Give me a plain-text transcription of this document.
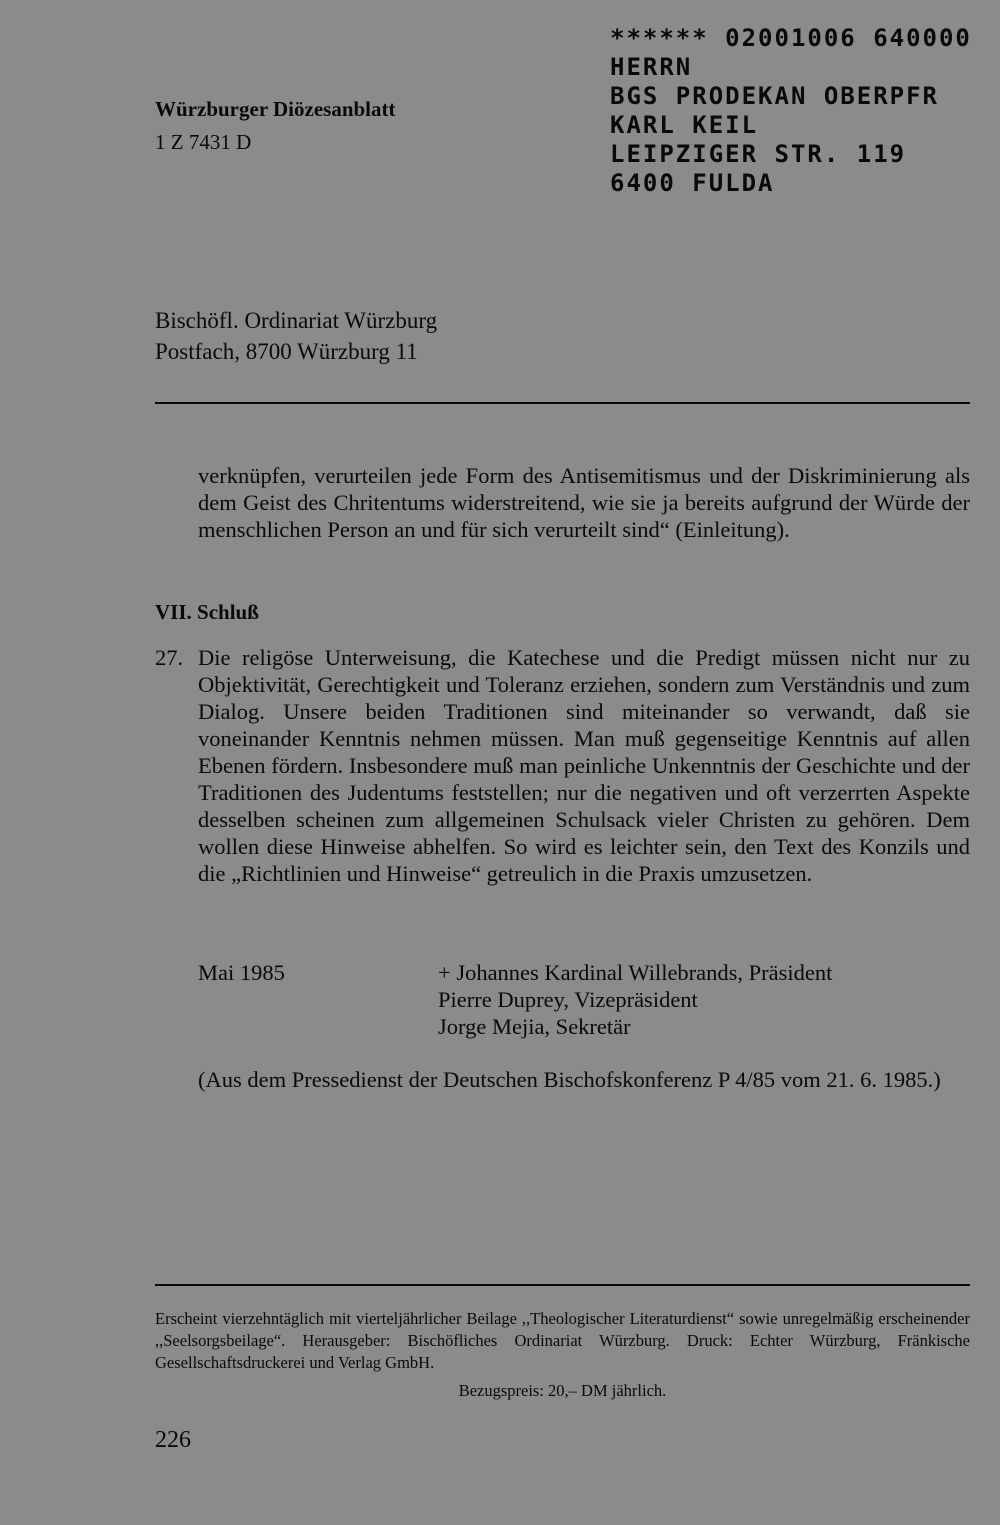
Würzburger Diözesanblatt
1 Z 7431 D
****** 02001006 640000
HERRN
BGS PRODEKAN OBERPFR
KARL KEIL
LEIPZIGER STR. 119
6400 FULDA
Bischöfl. Ordinariat Würzburg
Postfach, 8700 Würzburg 11
verknüpfen, verurteilen jede Form des Antisemitismus und der Diskriminierung als dem Geist des Chritentums widerstreitend, wie sie ja bereits aufgrund der Würde der menschlichen Person an und für sich verurteilt sind“ (Einleitung).
VII. Schluß
27. Die religöse Unterweisung, die Katechese und die Predigt müssen nicht nur zu Objektivität, Gerechtigkeit und Toleranz erziehen, sondern zum Verständnis und zum Dialog. Unsere beiden Traditionen sind miteinander so verwandt, daß sie voneinander Kenntnis nehmen müssen. Man muß gegenseitige Kenntnis auf allen Ebenen fördern. Insbesondere muß man peinliche Unkenntnis der Geschichte und der Traditionen des Judentums feststellen; nur die negativen und oft verzerrten Aspekte desselben scheinen zum allgemeinen Schulsack vieler Christen zu gehören. Dem wollen diese Hinweise abhelfen. So wird es leichter sein, den Text des Konzils und die „Richtlinien und Hinweise“ getreulich in die Praxis umzusetzen.
Mai 1985	+ Johannes Kardinal Willebrands, Präsident
Pierre Duprey, Vizepräsident
Jorge Mejia, Sekretär
(Aus dem Pressedienst der Deutschen Bischofskonferenz P 4/85 vom 21. 6. 1985.)
Erscheint vierzehntäglich mit vierteljährlicher Beilage ,,Theologischer Literaturdienst“ sowie unregelmäßig erscheinender ,,Seelsorgsbeilage“. Herausgeber: Bischöfliches Ordinariat Würzburg. Druck: Echter Würzburg, Fränkische Gesellschaftsdruckerei und Verlag GmbH.
Bezugspreis: 20,– DM jährlich.
226
